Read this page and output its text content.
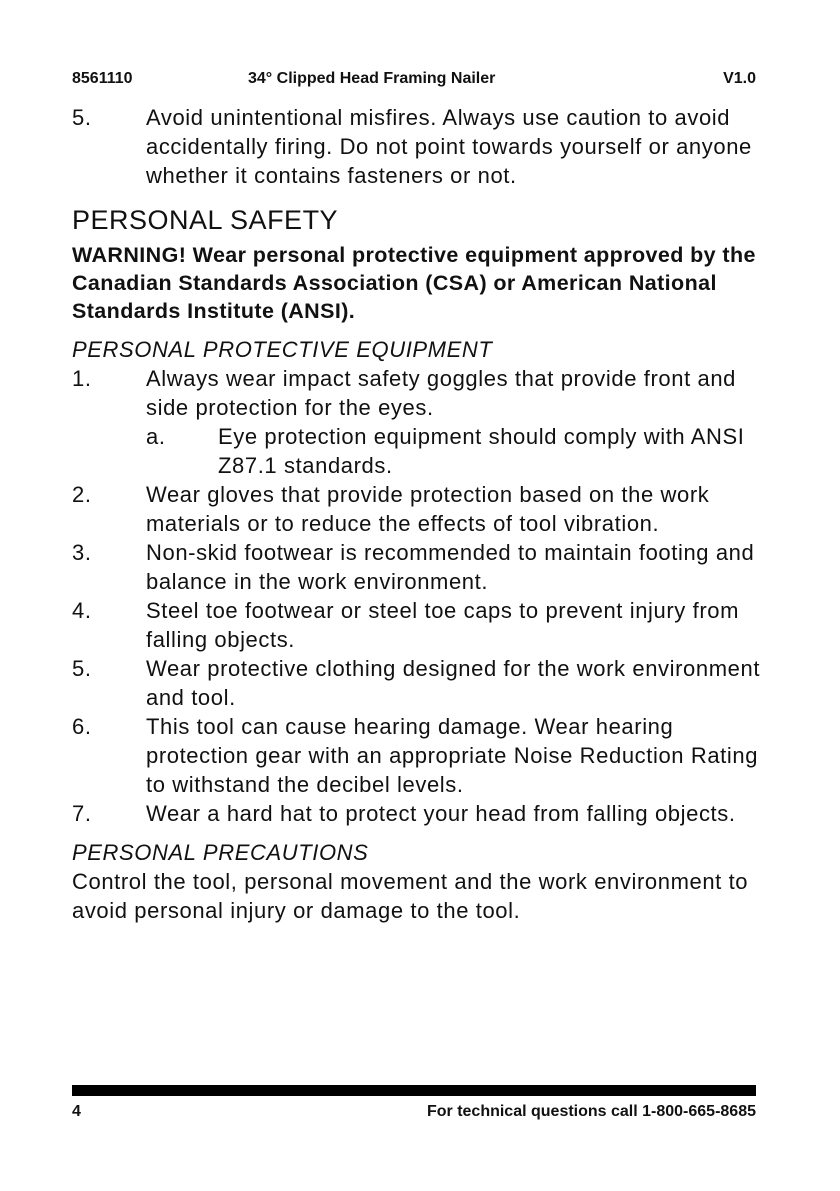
8561110	34° Clipped Head Framing Nailer	V1.0
5.	Avoid unintentional misfires. Always use caution to avoid accidentally firing. Do not point towards yourself or anyone whether it contains fasteners or not.
PERSONAL SAFETY
WARNING! Wear personal protective equipment approved by the Canadian Standards Association (CSA) or American National Standards Institute (ANSI).
PERSONAL PROTECTIVE EQUIPMENT
1.	Always wear impact safety goggles that provide front and side protection for the eyes.
a.	Eye protection equipment should comply with ANSI Z87.1 standards.
2.	Wear gloves that provide protection based on the work materials or to reduce the effects of tool vibration.
3.	Non-skid footwear is recommended to maintain footing and balance in the work environment.
4.	Steel toe footwear or steel toe caps to prevent injury from falling objects.
5.	Wear protective clothing designed for the work environment and tool.
6.	This tool can cause hearing damage. Wear hearing protection gear with an appropriate Noise Reduction Rating to withstand the decibel levels.
7.	Wear a hard hat to protect your head from falling objects.
PERSONAL PRECAUTIONS
Control the tool, personal movement and the work environment to avoid personal injury or damage to the tool.
4	For technical questions call 1-800-665-8685
